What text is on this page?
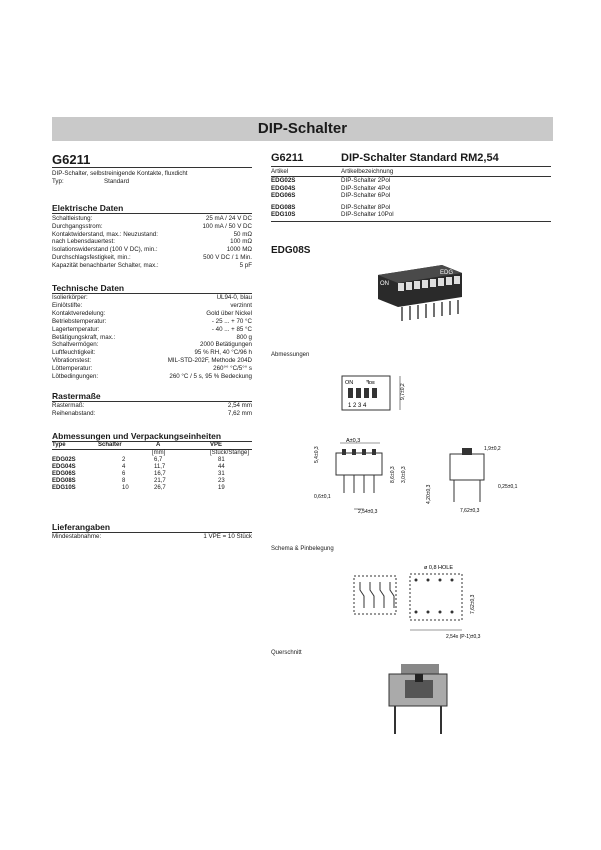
DIP-Schalter
G6211
DIP-Schalter, selbstreinigende Kontakte, fluxdicht
Typ:	Standard
Elektrische Daten
Schaltleistung:	25 mA / 24 V DC
Durchgangsstrom:	100 mA / 50 V DC
Kontaktwiderstand, max.: Neuzustand:	50 mΩ
nach Lebensdauertest:	100 mΩ
Isolationswiderstand (100 V DC), min.:	1000 MΩ
Durchschlagsfestigkeit, min.:	500 V DC / 1 Min.
Kapazität benachbarter Schalter, max.:	5 pF
Technische Daten
Isolierkörper:	UL94-0, blau
Einlötstifte:	verzinnt
Kontaktveredelung:	Gold über Nickel
Betriebstemperatur:	- 25 ... + 70 °C
Lagertemperatur:	- 40 ... + 85 °C
Betätigungskraft, max.:	800 g
Schaltvermögen:	2000 Betätigungen
Luftfeuchtigkeit:	95 % RH, 40 °C/96 h
Vibrationstest:	MIL-STD-202F, Methode 204D
Löttemperatur:	260°° °C/5°° s
Lötbedingungen:	260 °C / 5 s, 95 % Bedeckung
Rastermaße
Rastermaß:	2,54 mm
Reihenabstand:	7,62 mm
Abmessungen und Verpackungseinheiten
Type	Schalter	A	VPE
		[mm]	[Stück/Stange]
EDG02S	2	6,7	81
EDG04S	4	11,7	44
EDG06S	6	16,7	31
EDG08S	8	21,7	23
EDG10S	10	26,7	19
Lieferangaben
Mindestabnahme:	1 VPE = 10 Stück
G6211	DIP-Schalter Standard RM2,54
Artikel	Artikelbezeichnung
EDG02S	DIP-Schalter 2Pol
EDG04S	DIP-Schalter 4Pol
EDG06S	DIP-Schalter 6Pol
EDG08S	DIP-Schalter 8Pol
EDG10S	DIP-Schalter 10Pol
EDG08S
ON
EDG
Abmessungen
ON ꟻᴅᴇ
1 2 3 4
9,7±0,2
A±0,3
5,4±0,3
8,6±0,3 3,0±0,3
0,6±0,1
2,54±0,3
1,9±0,2
4,20±0,3	0,25±0,1
7,62±0,3
Schema & Pinbelegung
ø 0,8 HOLE
7,62±0,3
2,54x (P-1)±0,3
Querschnitt
